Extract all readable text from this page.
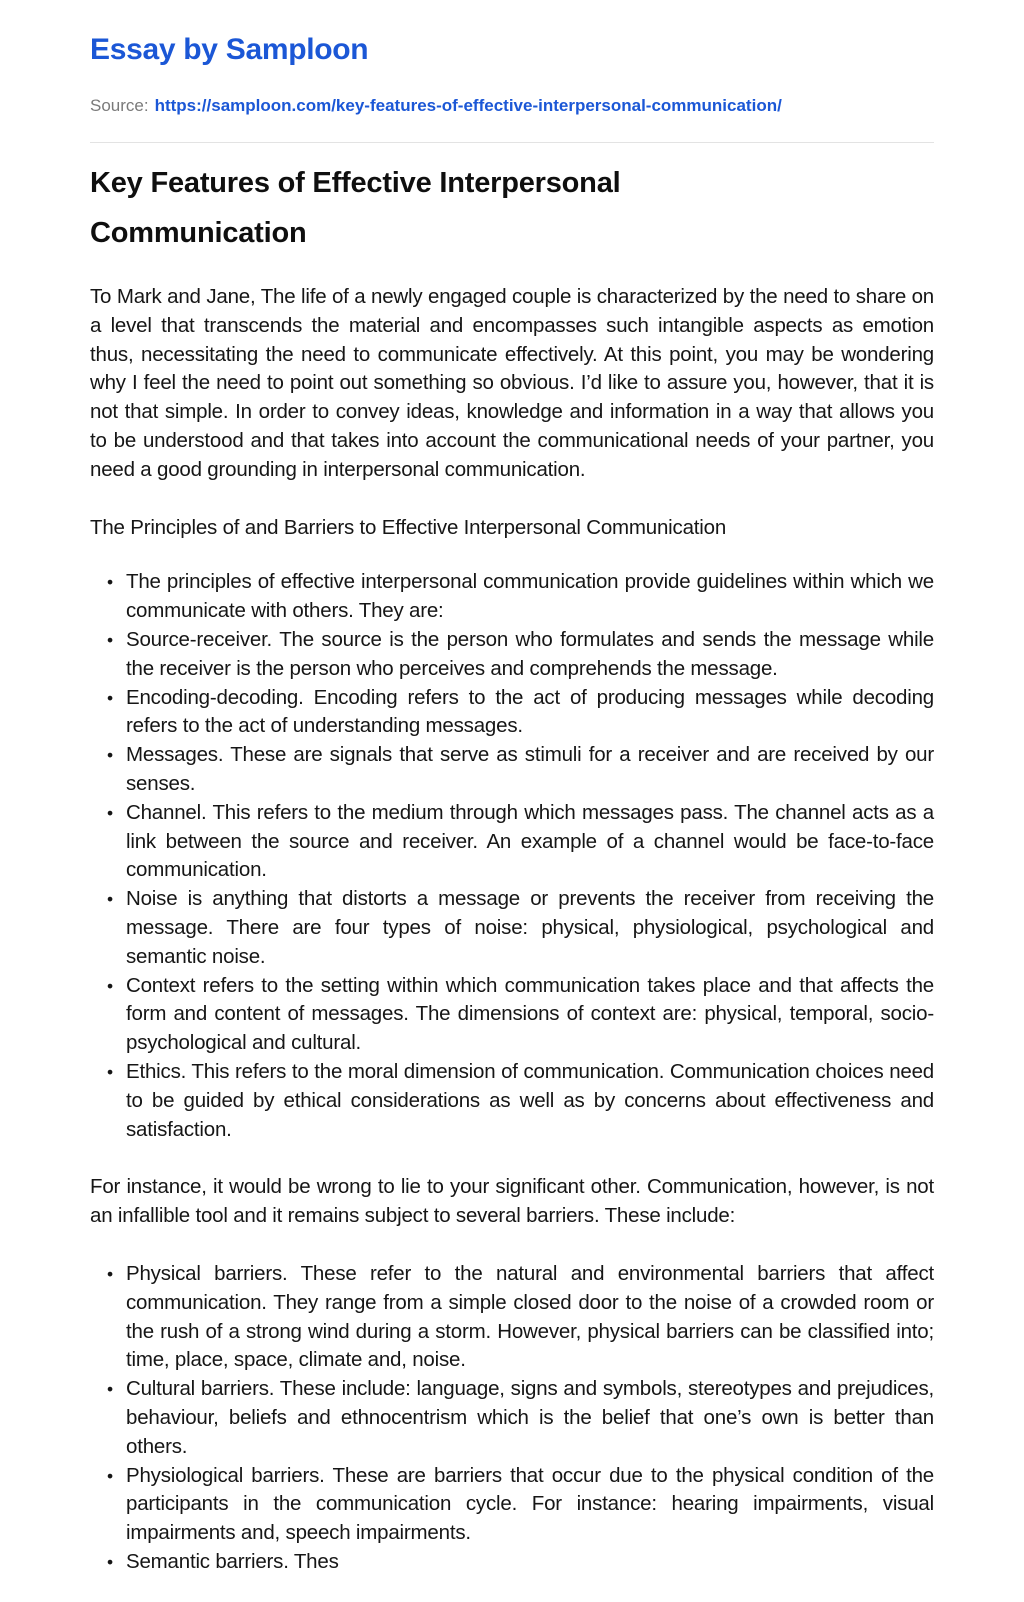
Essay by Samploon

Source: https://samploon.com/key-features-of-effective-interpersonal-communication/

Key Features of Effective Interpersonal Communication

To Mark and Jane, The life of a newly engaged couple is characterized by the need to share on a level that transcends the material and encompasses such intangible aspects as emotion thus, necessitating the need to communicate effectively. At this point, you may be wondering why I feel the need to point out something so obvious. I’d like to assure you, however, that it is not that simple. In order to convey ideas, knowledge and information in a way that allows you to be understood and that takes into account the communicational needs of your partner, you need a good grounding in interpersonal communication.

The Principles of and Barriers to Effective Interpersonal Communication

• The principles of effective interpersonal communication provide guidelines within which we communicate with others. They are:
• Source-receiver. The source is the person who formulates and sends the message while the receiver is the person who perceives and comprehends the message.
• Encoding-decoding. Encoding refers to the act of producing messages while decoding refers to the act of understanding messages.
• Messages. These are signals that serve as stimuli for a receiver and are received by our senses.
• Channel. This refers to the medium through which messages pass. The channel acts as a link between the source and receiver. An example of a channel would be face-to-face communication.
• Noise is anything that distorts a message or prevents the receiver from receiving the message. There are four types of noise: physical, physiological, psychological and semantic noise.
• Context refers to the setting within which communication takes place and that affects the form and content of messages. The dimensions of context are: physical, temporal, socio-psychological and cultural.
• Ethics. This refers to the moral dimension of communication. Communication choices need to be guided by ethical considerations as well as by concerns about effectiveness and satisfaction.

For instance, it would be wrong to lie to your significant other. Communication, however, is not an infallible tool and it remains subject to several barriers. These include:

• Physical barriers. These refer to the natural and environmental barriers that affect communication. They range from a simple closed door to the noise of a crowded room or the rush of a strong wind during a storm. However, physical barriers can be classified into; time, place, space, climate and, noise.
• Cultural barriers. These include: language, signs and symbols, stereotypes and prejudices, behaviour, beliefs and ethnocentrism which is the belief that one’s own is better than others.
• Physiological barriers. These are barriers that occur due to the physical condition of the participants in the communication cycle. For instance: hearing impairments, visual impairments and, speech impairments.
• Semantic barriers. Thes
